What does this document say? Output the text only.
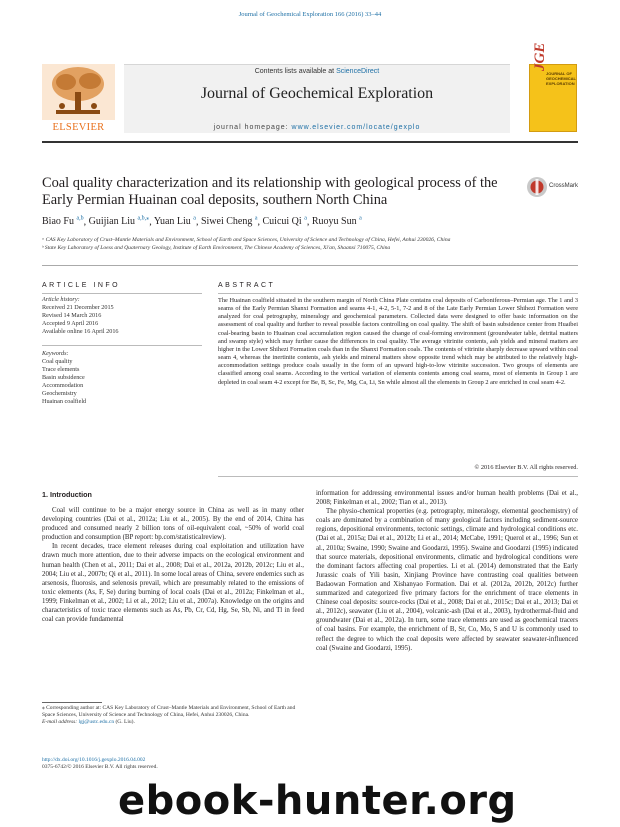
Journal of Geochemical Exploration 166 (2016) 33–44
ELSEVIER
Contents lists available at ScienceDirect
Journal of Geochemical Exploration
journal homepage: www.elsevier.com/locate/gexplo
JGE
JOURNAL OF GEOCHEMICAL EXPLORATION
Coal quality characterization and its relationship with geological process of the Early Permian Huainan coal deposits, southern North China
CrossMark
Biao Fu $^{a,b}$, Guijian Liu $^{a,b,⁎}$, Yuan Liu $^a$, Siwei Cheng $^a$, Cuicui Qi $^a$, Ruoyu Sun $^a$
ᵃ CAS Key Laboratory of Crust–Mantle Materials and Environment, School of Earth and Space Sciences, University of Science and Technology of China, Hefei, Anhui 230026, China
ᵇ State Key Laboratory of Loess and Quaternary Geology, Institute of Earth Environment, The Chinese Academy of Sciences, Xi'an, Shaanxi 710075, China
ARTICLE INFO
Article history:
Received 21 December 2015
Revised 14 March 2016
Accepted 9 April 2016
Available online 16 April 2016
Keywords:
Coal quality
Trace elements
Basin subsidence
Accommodation
Geochemistry
Huainan coalfield
ABSTRACT
The Huainan coalfield situated in the southern margin of North China Plate contains coal deposits of Carboniferous–Permian age. The 1 and 3 seams of the Early Permian Shanxi Formation and seams 4-1, 4-2, 5-1, 7-2 and 8 of the Late Early Permian Lower Shihezi Formation were analyzed for coal petrography, mineralogy and geochemical parameters. Collected data were designed to offer basic information on the assessment of coal quality and further to reveal possible factors controlling on coal quality. The shift of basin subsidence center from Huaibei coal-bearing basin to Huainan coal accumulation region caused the change of coal-forming environment (groundwater table, detrital matters and swamp style) which may further cause the differences in coal quality. The average vitrinite contents, ash yields and mineral matters are higher in the Lower Shihezi Formation coals than in the Shanxi Formation coals. The contents of vitrinite sharply decrease upward within coal seam 4, whereas the inertinite contents, ash yields and mineral matters show opposite trend which may be attributed to the relatively high-accommodation settings produce coals usually in the form of an upward high-to-low vitrinite succession. Two groups of elements are classified among coal seams. According to the vertical variation of elements contents among coal seams, most of elements in Group 1 are depleted in coal seam 4-2 except for Be, B, Sc, Fe, Mg, Ca, Li, Sn while almost all the elements in Group 2 are enriched in coal seam 4-2.
© 2016 Elsevier B.V. All rights reserved.
1. Introduction

Coal will continue to be a major energy source in China as well as in many other developing countries (Dai et al., 2012a; Liu et al., 2005). By the end of 2014, China has produced and consumed nearly 2 billion tons of oil-equivalent coal, ~50% of world coal production and consumption (BP report: bp.com/statisticalreview).

In recent decades, trace element releases during coal exploitation and utilization have drawn much more attention, due to their adverse impacts on the ecological environment and human health (Chen et al., 2011; Dai et al., 2008; Dai et al., 2012a, 2012b, 2012c; Liu et al., 2004; Liu et al., 2007b; Qi et al., 2011). In some local areas of China, severe endemics such as arsenosis, fluorosis, and selenosis prevail, which are presumably related to the emissions of toxic elements (As, F, Se) during burning of local coals (Dai et al., 2012a; Finkelman et al., 1999; Finkelman et al., 2002; Li et al., 2012; Liu et al., 2007a). Knowledge on the origins and characteristics of toxic trace elements such as As, Pb, Cr, Cd, Hg, Se, Sb, Ni, and Tl in feed coal can provide fundamental

information for addressing environmental issues and/or human health problems (Dai et al., 2008; Finkelman et al., 2002; Tian et al., 2013).

The physio-chemical properties (e.g. petrography, mineralogy, elemental geochemistry) of coals are dominated by a combination of many geological factors including sediment-source regions, depositional environments, tectonic settings, climate and hydrological conditions etc. (Dai et al., 2015a; Dai et al., 2012b; Li et al., 2014; McCabe, 1991; Querol et al., 1996; Sun et al., 2010a; Swaine, 1990; Swaine and Goodarzi, 1995). Swaine and Goodarzi (1995) indicated that source materials, depositional environments, climatic and hydrological conditions were the dominant factors affecting coal properties. Li et al. (2014) demonstrated that the Early Jurassic coals of Yili basin, Xinjiang Province have contrasting coal qualities between Badaowan Formation and Xishanyao Formation. Dai et al. (2012a, 2012b, 2012c) further summarized and categorized five primary factors for the enrichment of trace elements in Chinese coal deposits: source-rocks (Dai et al., 2008; Dai et al., 2015c; Dai et al., 2013; Dai et al., 2012c), seawater (Liu et al., 2004), volcanic-ash (Dai et al., 2003), hydrothermal-fluid and groundwater (Dai et al., 2012a). In turn, some trace elements are used as geochemical tracers of coal basins. For example, the enrichment of B, Sr, Co, Mo, S and U is commonly used to reflect the degree to which the coal deposits were affected by seawater seawater-influenced coal (Swaine and Goodarzi, 1995).

⁎ Corresponding author at: CAS Key Laboratory of Crust–Mantle Materials and Environment, School of Earth and Space Sciences, University of Science and Technology of China, Hefei, Anhui 230026, China.
E-mail address: lgj@ustc.edu.cn (G. Liu).
http://dx.doi.org/10.1016/j.gexplo.2016.04.002
0375-6742/© 2016 Elsevier B.V. All rights reserved.
ebook-hunter.org
